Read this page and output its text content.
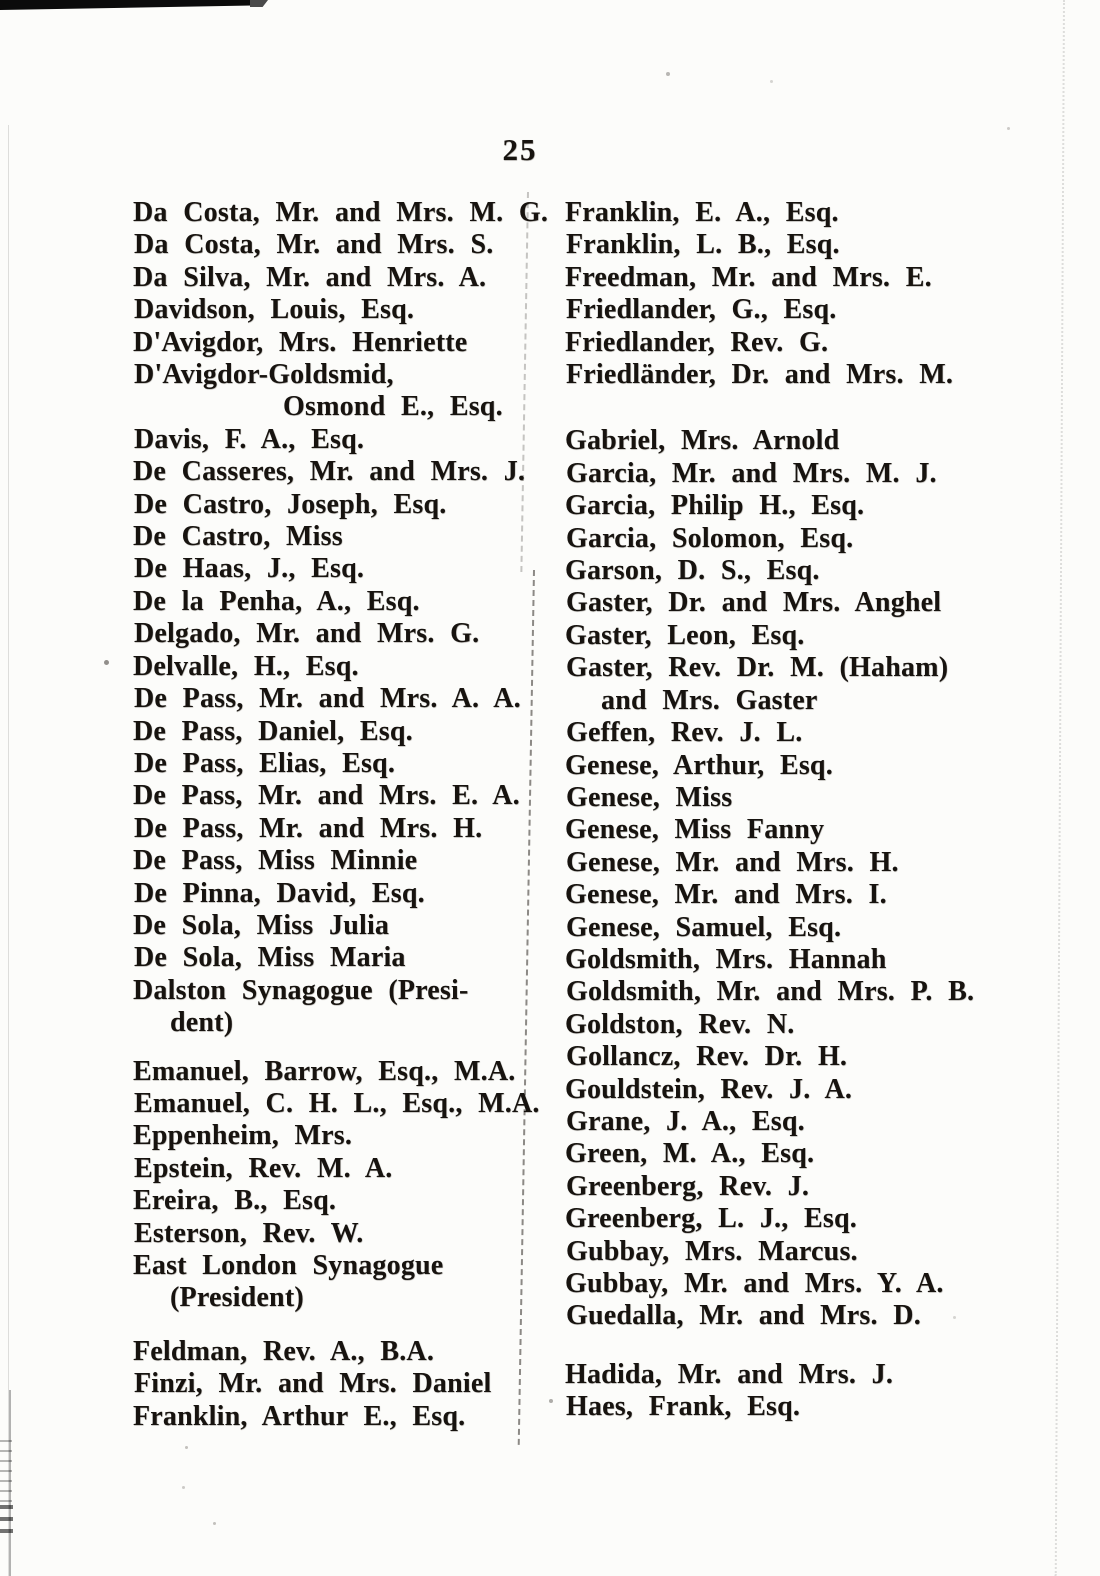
25
Da Costa, Mr. and Mrs. M. G.
Da Costa, Mr. and Mrs. S.
Da Silva, Mr. and Mrs. A.
Davidson, Louis, Esq.
D'Avigdor, Mrs. Henriette
D'Avigdor-Goldsmid,
Osmond E., Esq.
Davis, F. A., Esq.
De Casseres, Mr. and Mrs. J.
De Castro, Joseph, Esq.
De Castro, Miss
De Haas, J., Esq.
De la Penha, A., Esq.
Delgado, Mr. and Mrs. G.
Delvalle, H., Esq.
De Pass, Mr. and Mrs. A. A.
De Pass, Daniel, Esq.
De Pass, Elias, Esq.
De Pass, Mr. and Mrs. E. A.
De Pass, Mr. and Mrs. H.
De Pass, Miss Minnie
De Pinna, David, Esq.
De Sola, Miss Julia
De Sola, Miss Maria
Dalston Synagogue (Presi-
dent)
Emanuel, Barrow, Esq., M.A.
Emanuel, C. H. L., Esq., M.A.
Eppenheim, Mrs.
Epstein, Rev. M. A.
Ereira, B., Esq.
Esterson, Rev. W.
East London Synagogue
(President)
Feldman, Rev. A., B.A.
Finzi, Mr. and Mrs. Daniel
Franklin, Arthur E., Esq.
Franklin, E. A., Esq.
Franklin, L. B., Esq.
Freedman, Mr. and Mrs. E.
Friedlander, G., Esq.
Friedlander, Rev. G.
Friedländer, Dr. and Mrs. M.
Gabriel, Mrs. Arnold
Garcia, Mr. and Mrs. M. J.
Garcia, Philip H., Esq.
Garcia, Solomon, Esq.
Garson, D. S., Esq.
Gaster, Dr. and Mrs. Anghel
Gaster, Leon, Esq.
Gaster, Rev. Dr. M. (Haham)
and Mrs. Gaster
Geffen, Rev. J. L.
Genese, Arthur, Esq.
Genese, Miss
Genese, Miss Fanny
Genese, Mr. and Mrs. H.
Genese, Mr. and Mrs. I.
Genese, Samuel, Esq.
Goldsmith, Mrs. Hannah
Goldsmith, Mr. and Mrs. P. B.
Goldston, Rev. N.
Gollancz, Rev. Dr. H.
Gouldstein, Rev. J. A.
Grane, J. A., Esq.
Green, M. A., Esq.
Greenberg, Rev. J.
Greenberg, L. J., Esq.
Gubbay, Mrs. Marcus.
Gubbay, Mr. and Mrs. Y. A.
Guedalla, Mr. and Mrs. D.
Hadida, Mr. and Mrs. J.
Haes, Frank, Esq.
